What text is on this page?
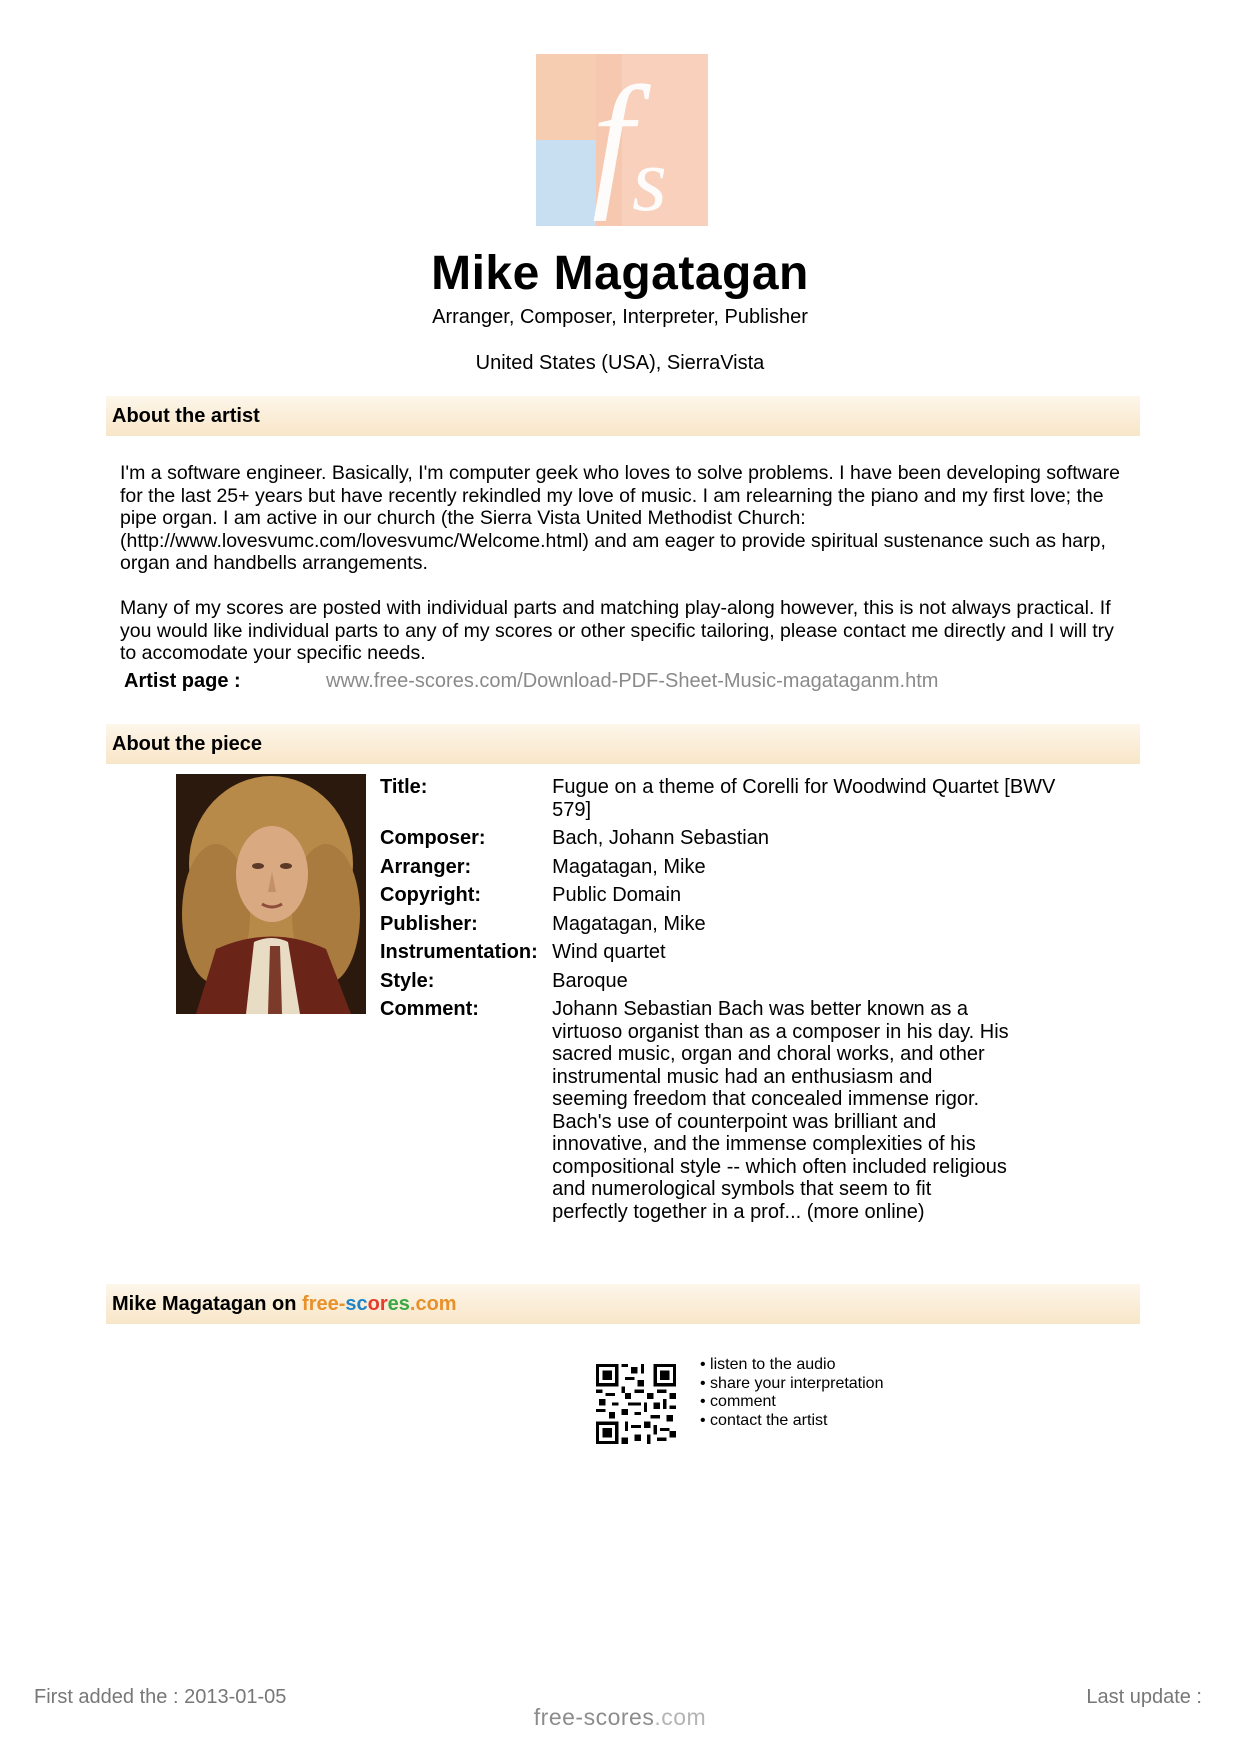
f
s
Mike Magatagan
Arranger, Composer, Interpreter, Publisher
United States (USA), SierraVista
About the artist
I'm a software engineer. Basically, I'm computer geek who loves to solve problems. I have been developing software for the last 25+ years but have recently rekindled my love of music. I am relearning the piano and my first love; the pipe organ. I am active in our church (the Sierra Vista United Methodist Church: (http://www.lovesvumc.com/lovesvumc/Welcome.html) and am eager to provide spiritual sustenance such as harp, organ and handbells arrangements.
Many of my scores are posted with individual parts and matching play-along however, this is not always practical. If you would like individual parts to any of my scores or other specific tailoring, please contact me directly and I will try to accomodate your specific needs.
Artist page :	www.free-scores.com/Download-PDF-Sheet-Music-magataganm.htm
About the piece
Title:	Fugue on a theme of Corelli for Woodwind Quartet [BWV 579]
Composer:	Bach, Johann Sebastian
Arranger:	Magatagan, Mike
Copyright:	Public Domain
Publisher:	Magatagan, Mike
Instrumentation:	Wind quartet
Style:	Baroque
Comment:	Johann Sebastian Bach was better known as a virtuoso organist than as a composer in his day. His sacred music, organ and choral works, and other instrumental music had an enthusiasm and seeming freedom that concealed immense rigor. Bach's use of counterpoint was brilliant and innovative, and the immense complexities of his compositional style -- which often included religious and numerological symbols that seem to fit perfectly together in a prof... (more online)
Mike Magatagan on free-scores.com
• listen to the audio
• share your interpretation
• comment
• contact the artist
First added the : 2013-01-05	Last update :
free-scores.com
